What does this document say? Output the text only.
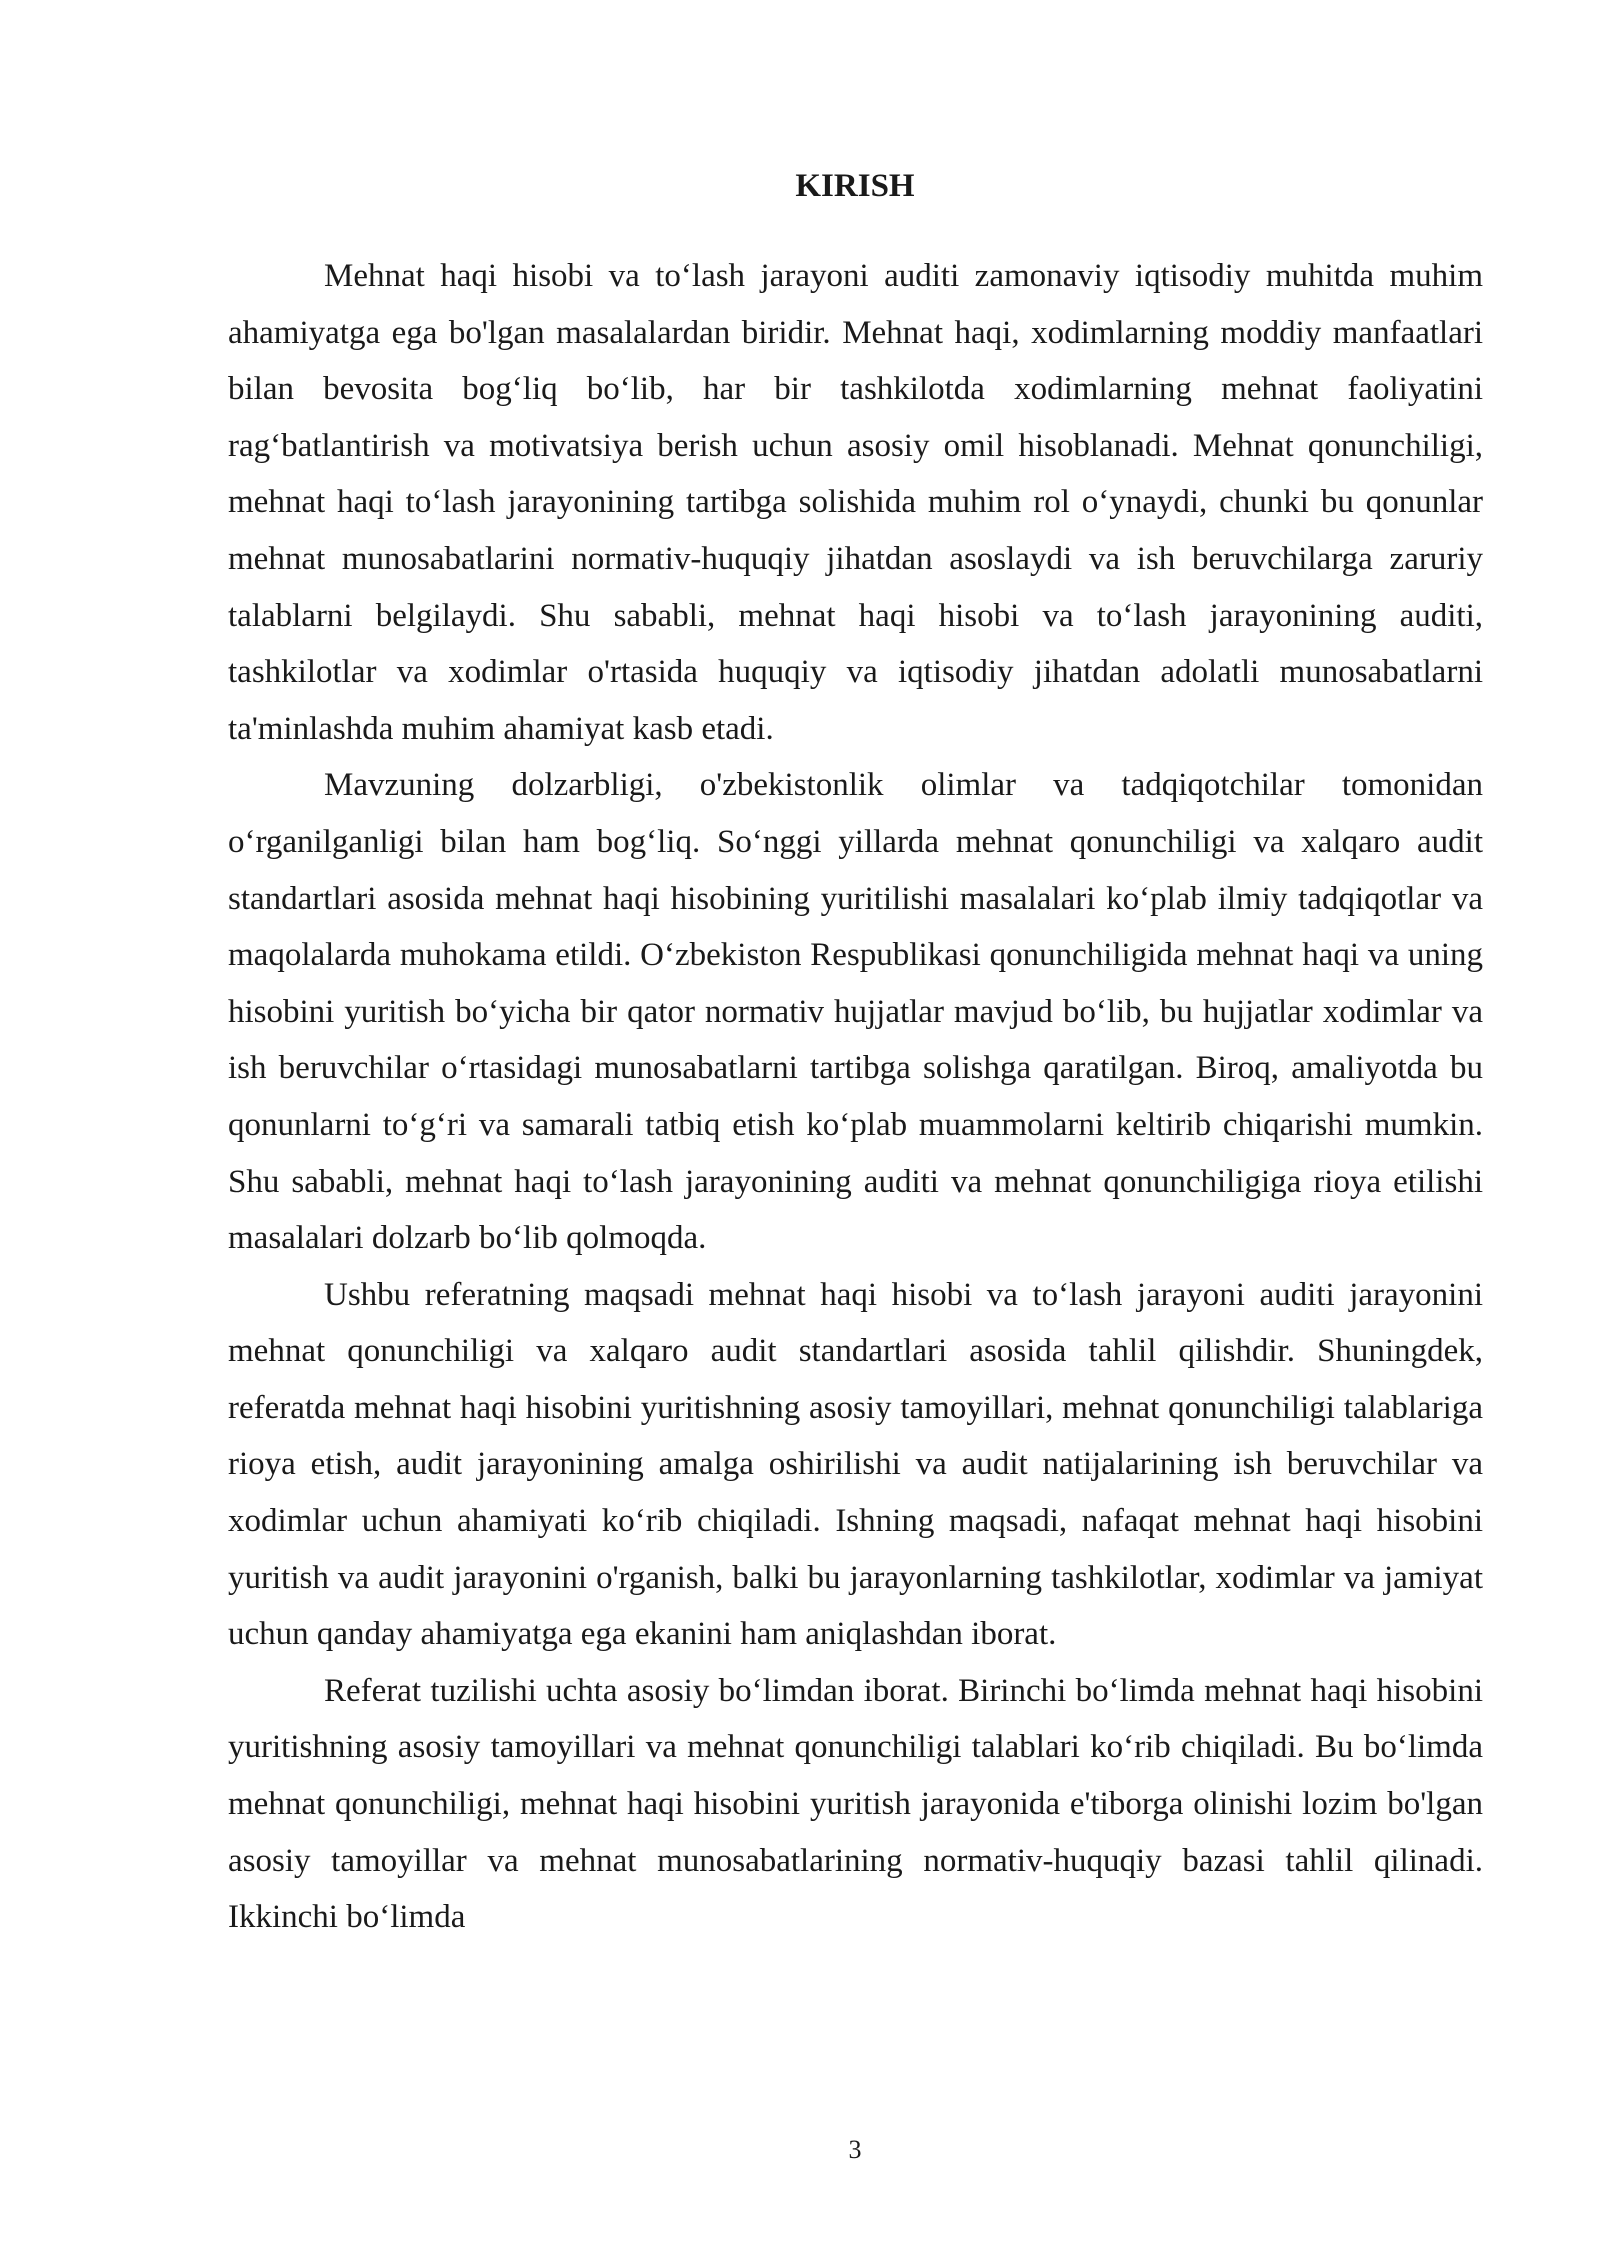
KIRISH

Mehnat haqi hisobi va to‘lash jarayoni auditi zamonaviy iqtisodiy muhitda muhim ahamiyatga ega bo'lgan masalalardan biridir. Mehnat haqi, xodimlarning moddiy manfaatlari bilan bevosita bog‘liq bo‘lib, har bir tashkilotda xodimlarning mehnat faoliyatini rag‘batlantirish va motivatsiya berish uchun asosiy omil hisoblanadi. Mehnat qonunchiligi, mehnat haqi to‘lash jarayonining tartibga solishida muhim rol o‘ynaydi, chunki bu qonunlar mehnat munosabatlarini normativ-huquqiy jihatdan asoslaydi va ish beruvchilarga zaruriy talablarni belgilaydi. Shu sababli, mehnat haqi hisobi va to‘lash jarayonining auditi, tashkilotlar va xodimlar o'rtasida huquqiy va iqtisodiy jihatdan adolatli munosabatlarni ta'minlashda muhim ahamiyat kasb etadi.

Mavzuning dolzarbligi, o'zbekistonlik olimlar va tadqiqotchilar tomonidan o‘rganilganligi bilan ham bog‘liq. So‘nggi yillarda mehnat qonunchiligi va xalqaro audit standartlari asosida mehnat haqi hisobining yuritilishi masalalari ko‘plab ilmiy tadqiqotlar va maqolalarda muhokama etildi. O‘zbekiston Respublikasi qonunchiligida mehnat haqi va uning hisobini yuritish bo‘yicha bir qator normativ hujjatlar mavjud bo‘lib, bu hujjatlar xodimlar va ish beruvchilar o‘rtasidagi munosabatlarni tartibga solishga qaratilgan. Biroq, amaliyotda bu qonunlarni to‘g‘ri va samarali tatbiq etish ko‘plab muammolarni keltirib chiqarishi mumkin. Shu sababli, mehnat haqi to‘lash jarayonining auditi va mehnat qonunchiligiga rioya etilishi masalalari dolzarb bo‘lib qolmoqda.

Ushbu referatning maqsadi mehnat haqi hisobi va to‘lash jarayoni auditi jarayonini mehnat qonunchiligi va xalqaro audit standartlari asosida tahlil qilishdir. Shuningdek, referatda mehnat haqi hisobini yuritishning asosiy tamoyillari, mehnat qonunchiligi talablariga rioya etish, audit jarayonining amalga oshirilishi va audit natijalarining ish beruvchilar va xodimlar uchun ahamiyati ko‘rib chiqiladi. Ishning maqsadi, nafaqat mehnat haqi hisobini yuritish va audit jarayonini o'rganish, balki bu jarayonlarning tashkilotlar, xodimlar va jamiyat uchun qanday ahamiyatga ega ekanini ham aniqlashdan iborat.

Referat tuzilishi uchta asosiy bo‘limdan iborat. Birinchi bo‘limda mehnat haqi hisobini yuritishning asosiy tamoyillari va mehnat qonunchiligi talablari ko‘rib chiqiladi. Bu bo‘limda mehnat qonunchiligi, mehnat haqi hisobini yuritish jarayonida e'tiborga olinishi lozim bo'lgan asosiy tamoyillar va mehnat munosabatlarining normativ-huquqiy bazasi tahlil qilinadi. Ikkinchi bo‘limda

3
